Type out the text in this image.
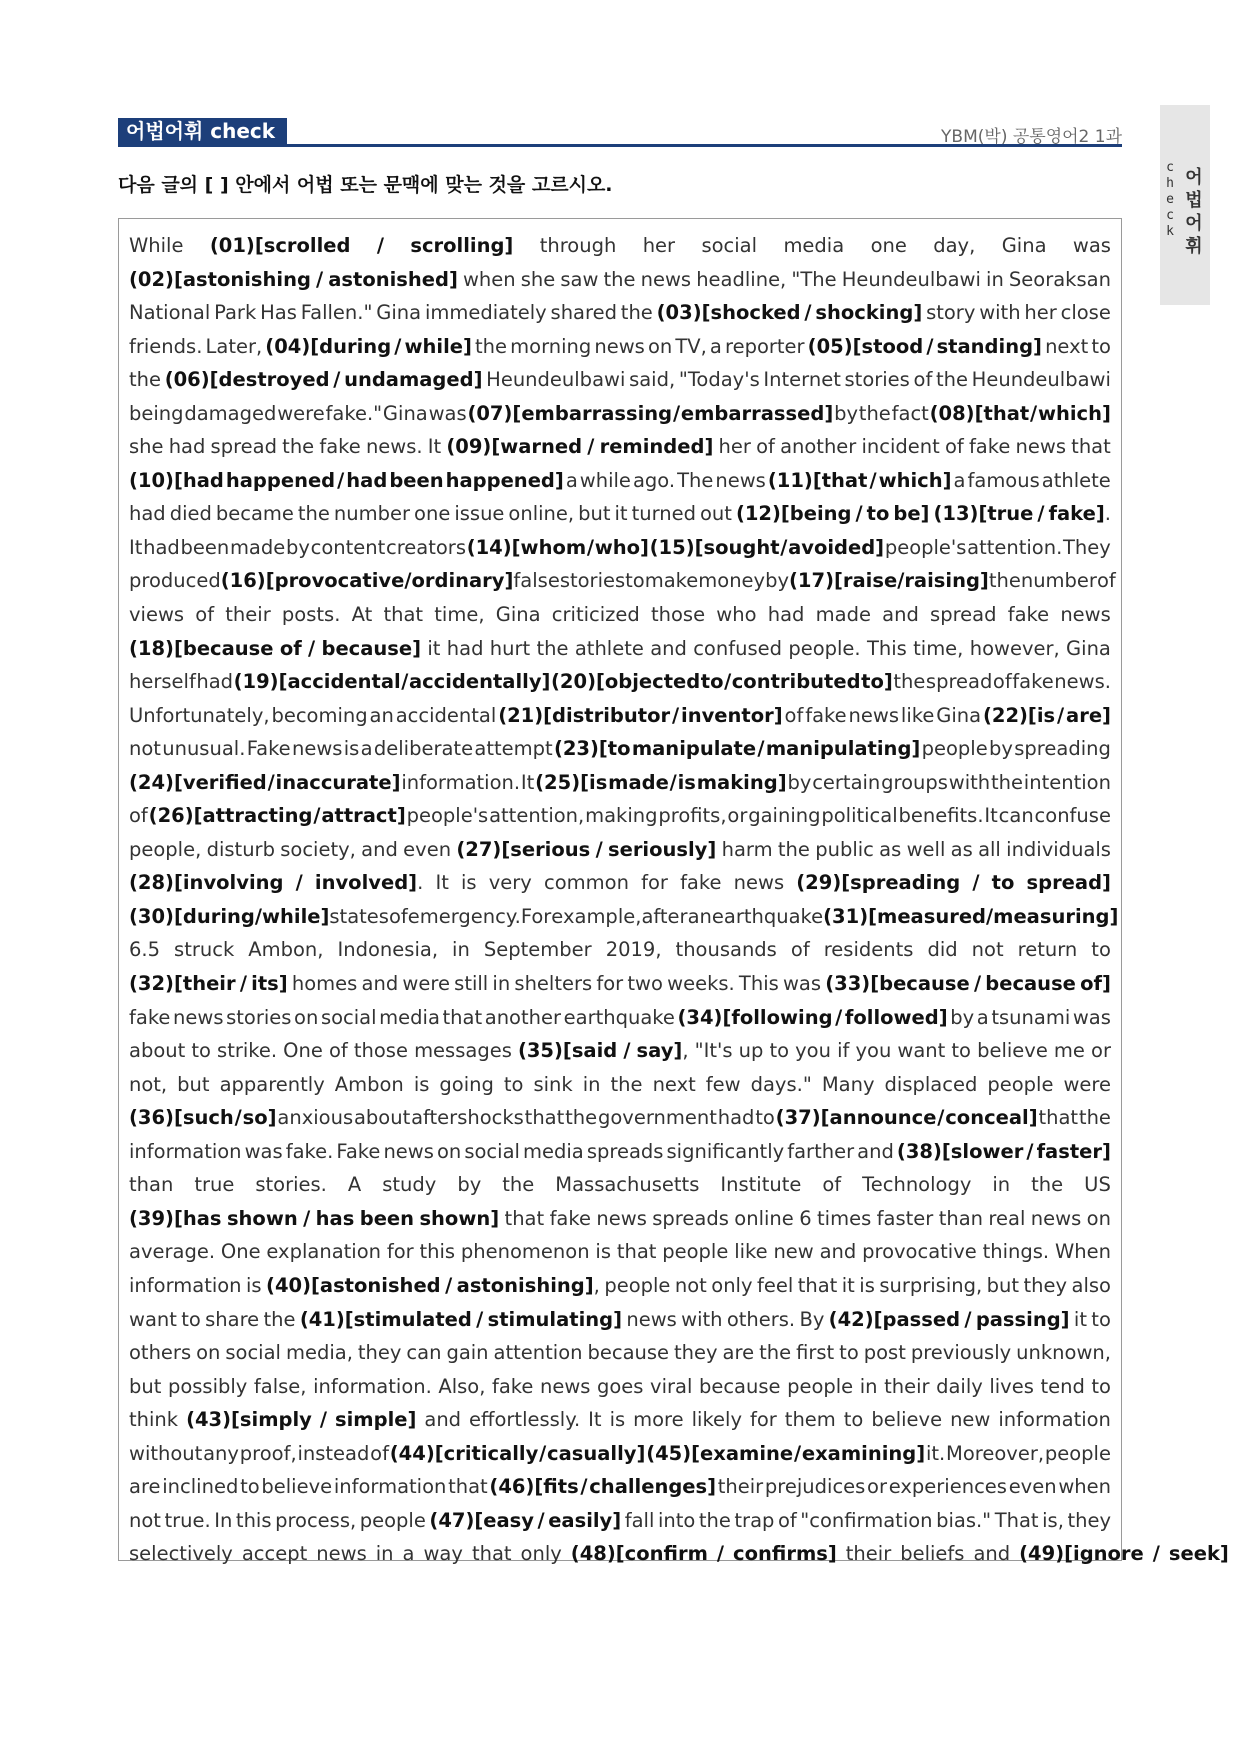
c
h
e
c
k
어
법
어
휘
어법어휘 check	YBM(박) 공통영어2 1과
다음 글의 [ ] 안에서 어법 또는 문맥에 맞는 것을 고르시오.
While (01)[scrolled / scrolling] through her social media one day, Gina was
(02)[astonishing / astonished] when she saw the news headline, "The Heundeulbawi in Seoraksan
National Park Has Fallen." Gina immediately shared the (03)[shocked / shocking] story with her close
friends. Later, (04)[during / while] the morning news on TV, a reporter (05)[stood / standing] next to
the (06)[destroyed / undamaged] Heundeulbawi said, "Today's Internet stories of the Heundeulbawi
being damaged were fake." Gina was (07)[embarrassing / embarrassed] by the fact (08)[that / which]
she had spread the fake news. It (09)[warned / reminded] her of another incident of fake news that
(10)[had happened / had been happened] a while ago. The news (11)[that / which] a famous athlete
had died became the number one issue online, but it turned out (12)[being / to be] (13)[true / fake].
It had been made by content creators (14)[whom / who] (15)[sought / avoided] people's attention. They
produced (16)[provocative / ordinary] false stories to make money by (17)[raise / raising] the number of
views of their posts. At that time, Gina criticized those who had made and spread fake news
(18)[because of / because] it had hurt the athlete and confused people. This time, however, Gina
herself had (19)[accidental / accidentally] (20)[objected to / contributed to] the spread of fake news.
Unfortunately, becoming an accidental (21)[distributor / inventor] of fake news like Gina (22)[is / are]
not unusual. Fake news is a deliberate attempt (23)[to manipulate / manipulating] people by spreading
(24)[verified / inaccurate] information. It (25)[is made / is making] by certain groups with the intention
of (26)[attracting / attract] people's attention, making profits, or gaining political benefits. It can confuse
people, disturb society, and even (27)[serious / seriously] harm the public as well as all individuals
(28)[involving / involved]. It is very common for fake news (29)[spreading / to spread]
(30)[during / while] states of emergency. For example, after an earthquake (31)[measured / measuring]
6.5 struck Ambon, Indonesia, in September 2019, thousands of residents did not return to
(32)[their / its] homes and were still in shelters for two weeks. This was (33)[because / because of]
fake news stories on social media that another earthquake (34)[following / followed] by a tsunami was
about to strike. One of those messages (35)[said / say], "It's up to you if you want to believe me or
not, but apparently Ambon is going to sink in the next few days." Many displaced people were
(36)[such / so] anxious about aftershocks that the government had to (37)[announce / conceal] that the
information was fake. Fake news on social media spreads significantly farther and (38)[slower / faster]
than true stories. A study by the Massachusetts Institute of Technology in the US
(39)[has shown / has been shown] that fake news spreads online 6 times faster than real news on
average. One explanation for this phenomenon is that people like new and provocative things. When
information is (40)[astonished / astonishing], people not only feel that it is surprising, but they also
want to share the (41)[stimulated / stimulating] news with others. By (42)[passed / passing] it to
others on social media, they can gain attention because they are the first to post previously unknown,
but possibly false, information. Also, fake news goes viral because people in their daily lives tend to
think (43)[simply / simple] and effortlessly. It is more likely for them to believe new information
without any proof, instead of (44)[critically / casually] (45)[examine / examining] it. Moreover, people
are inclined to believe information that (46)[fits / challenges] their prejudices or experiences even when
not true. In this process, people (47)[easy / easily] fall into the trap of "confirmation bias." That is, they
selectively accept news in a way that only (48)[confirm / confirms] their beliefs and (49)[ignore / seek]
